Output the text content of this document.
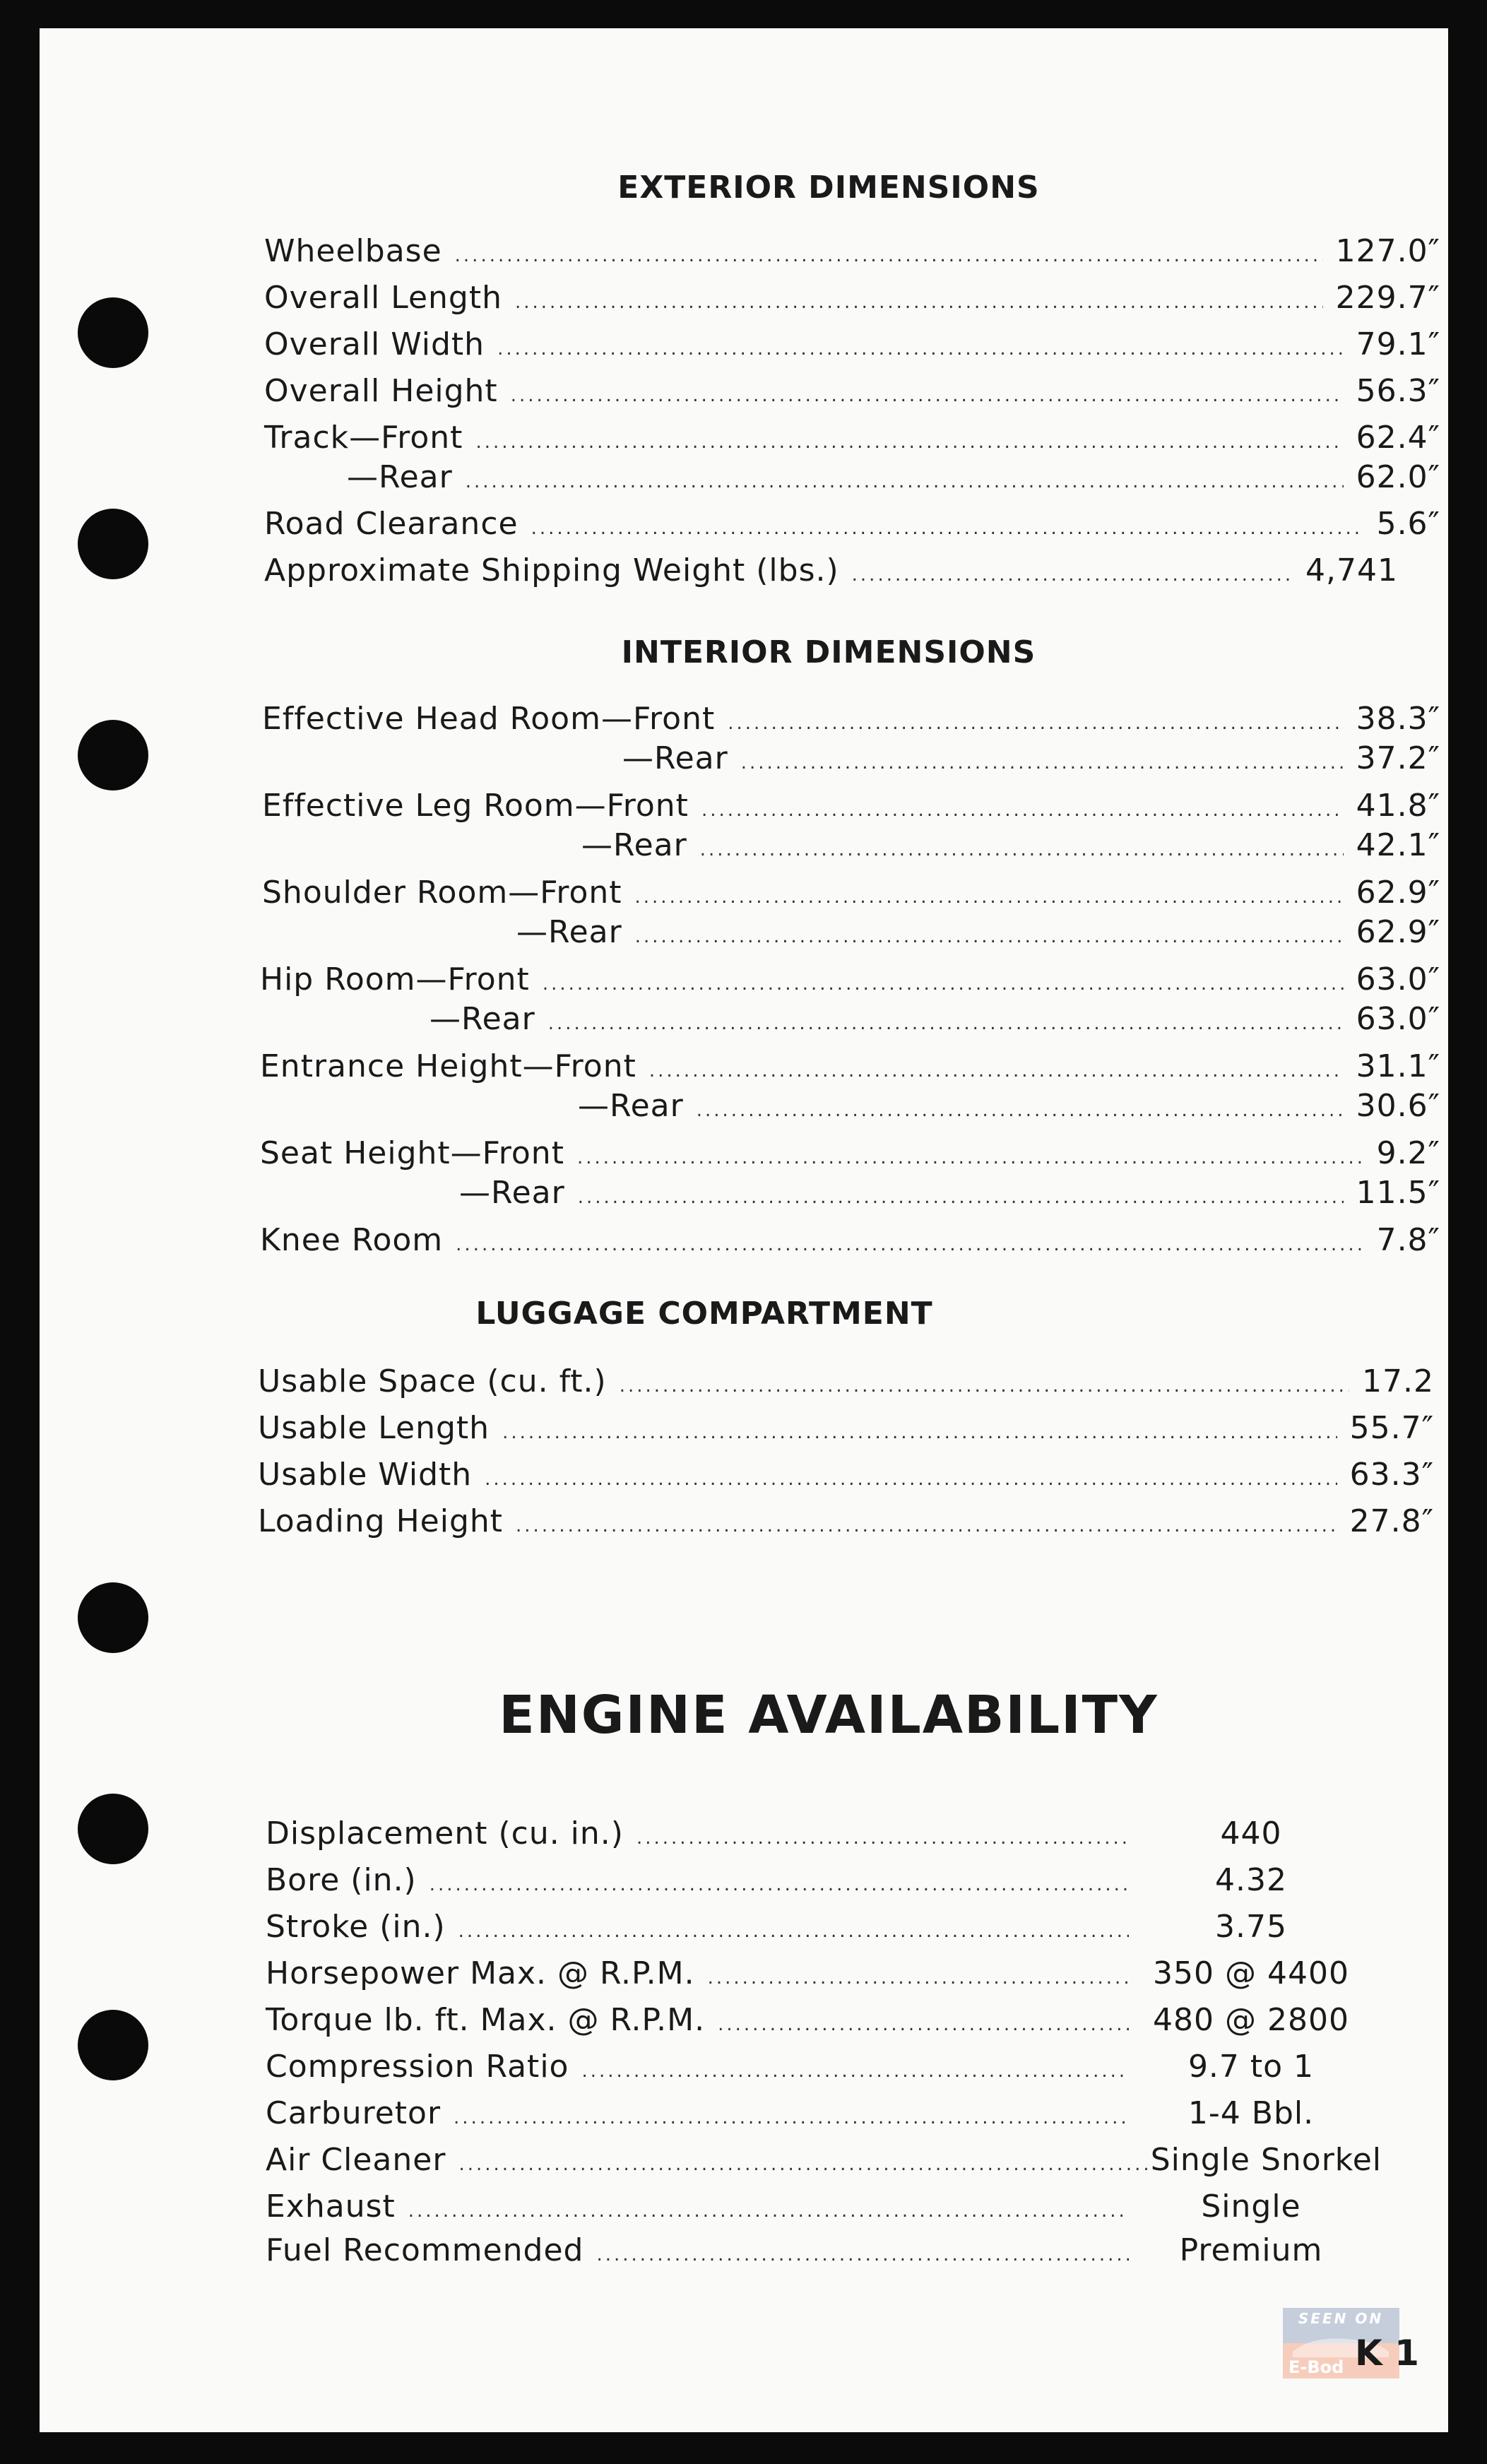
EXTERIOR DIMENSIONS
Wheelbase .....	127.0″
Overall Length .....	229.7″
Overall Width .....	79.1″
Overall Height .....	56.3″
Track—Front .....	62.4″
—Rear .....	62.0″
Road Clearance .....	5.6″
Approximate Shipping Weight (lbs.) .....	4,741
INTERIOR DIMENSIONS
Effective Head Room—Front .....	38.3″
—Rear .....	37.2″
Effective Leg Room—Front .....	41.8″
—Rear .....	42.1″
Shoulder Room—Front .....	62.9″
—Rear .....	62.9″
Hip Room—Front .....	63.0″
—Rear .....	63.0″
Entrance Height—Front .....	31.1″
—Rear .....	30.6″
Seat Height—Front .....	9.2″
—Rear .....	11.5″
Knee Room .....	7.8″
LUGGAGE COMPARTMENT
Usable Space (cu. ft.) .....	17.2
Usable Length .....	55.7″
Usable Width .....	63.3″
Loading Height .....	27.8″
ENGINE AVAILABILITY
Displacement (cu. in.) .....	440
Bore (in.) .....	4.32
Stroke (in.) .....	3.75
Horsepower Max. @ R.P.M. .....	350 @ 4400
Torque lb. ft. Max. @ R.P.M. .....	480 @ 2800
Compression Ratio .....	9.7 to 1
Carburetor .....	1-4 Bbl.
Air Cleaner .....	Single Snorkel
Exhaust .....	Single
Fuel Recommended .....	Premium
SEEN ON
E-Bod K 1
